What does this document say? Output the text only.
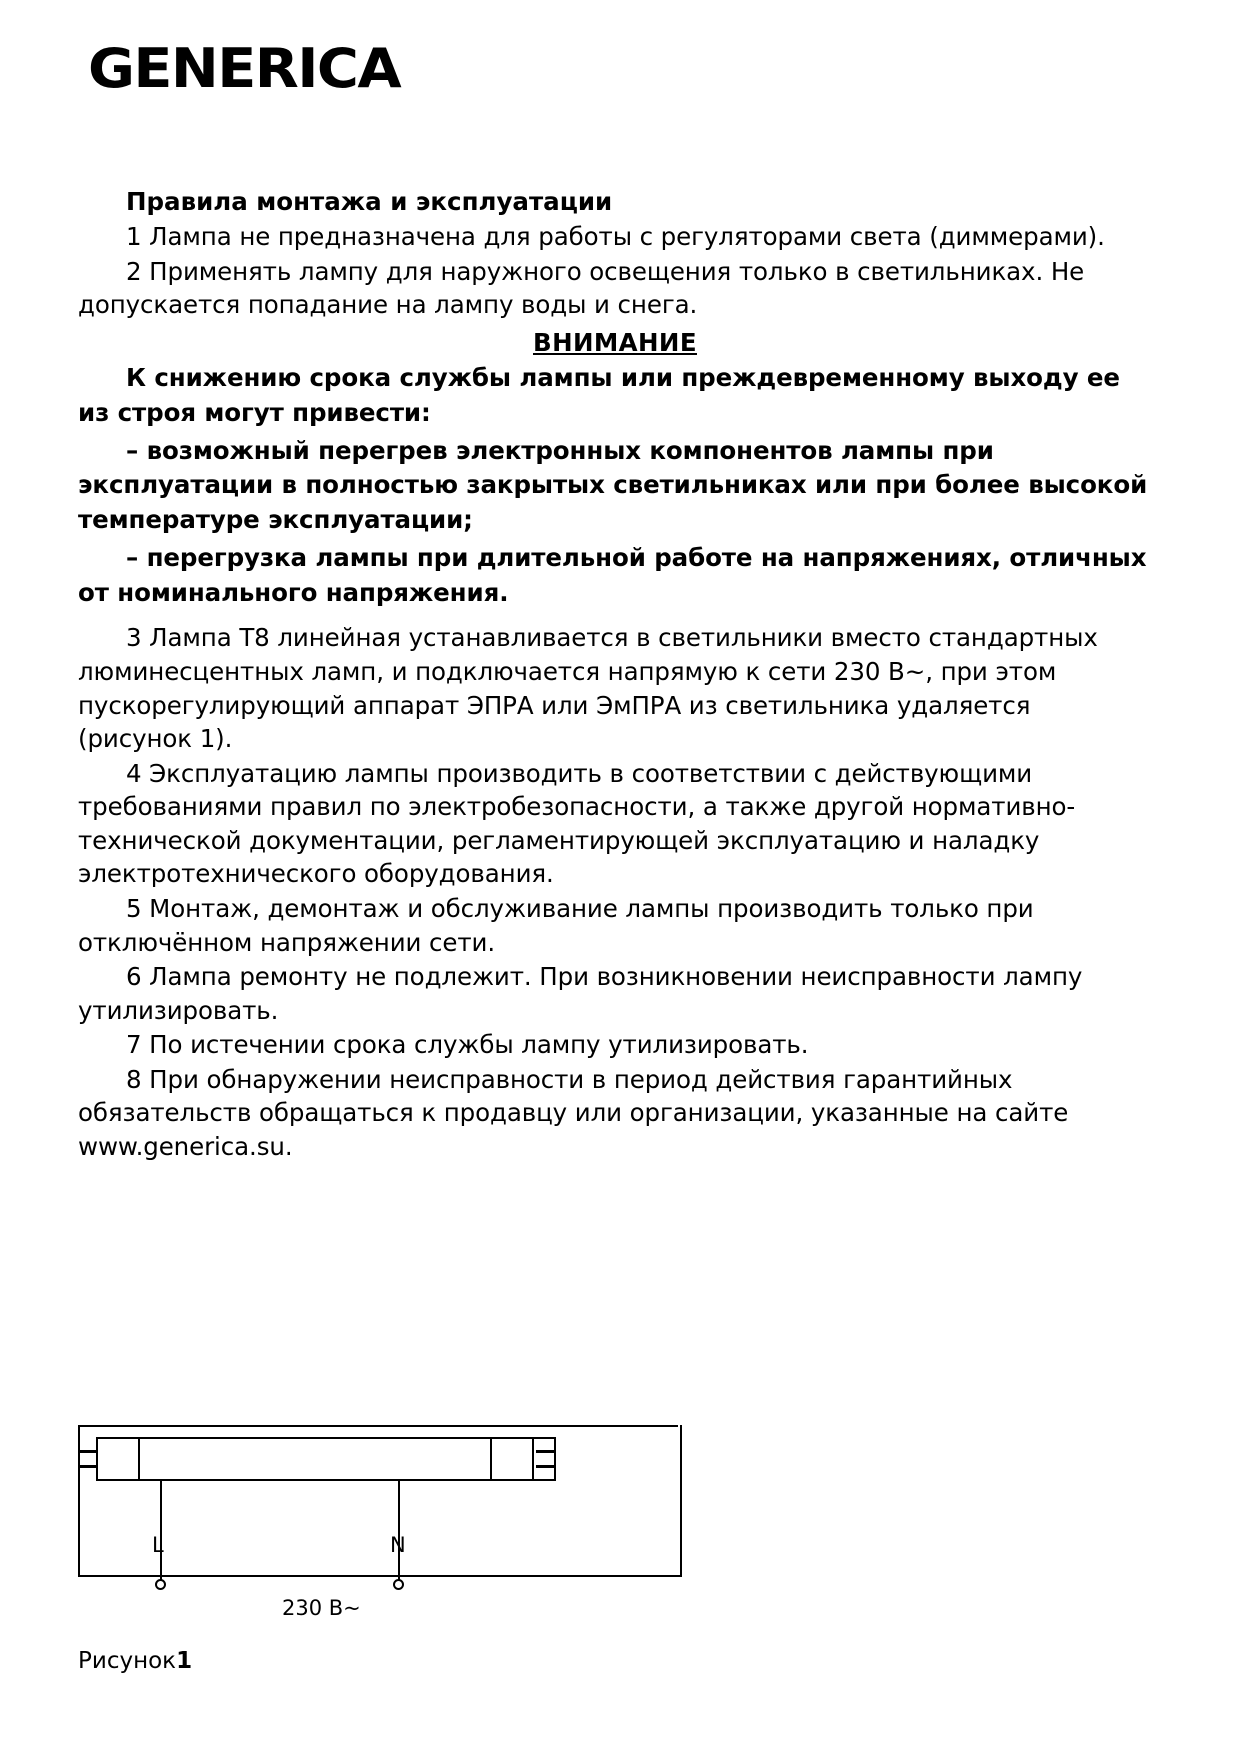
GENERICA
Правила монтажа и эксплуатации

1 Лампа не предназначена для работы с регуляторами света (диммерами).

2 Применять лампу для наружного освещения только в светильниках. Не допускается попадание на лампу воды и снега.

ВНИМАНИЕ

К снижению срока службы лампы или преждевременному выходу ее из строя могут привести:

– возможный перегрев электронных компонентов лампы при эксплуатации в полностью закрытых светильниках или при более высокой температуре эксплуатации;

– перегрузка лампы при длительной работе на напряжениях, отличных от номинального напряжения.

3 Лампа Т8 линейная устанавливается в светильники вместо стандартных люминесцентных ламп, и подключается напрямую к сети 230 В~, при этом пускорегулирующий аппарат ЭПРА или ЭмПРА из светильника удаляется (рисунок 1).

4 Эксплуатацию лампы производить в соответствии с действующими требованиями правил по электробезопасности, а также другой нормативно-технической документации, регламентирующей эксплуатацию и наладку электротехнического оборудования.

5 Монтаж, демонтаж и обслуживание лампы производить только при отключённом напряжении сети.

6 Лампа ремонту не подлежит. При возникновении неисправности лампу утилизировать.

7 По истечении срока службы лампу утилизировать.

8 При обнаружении неисправности в период действия гарантийных обязательств обращаться к продавцу или организации, указанные на сайте www.generica.su.

L	N
230 В~
Рисунок1
